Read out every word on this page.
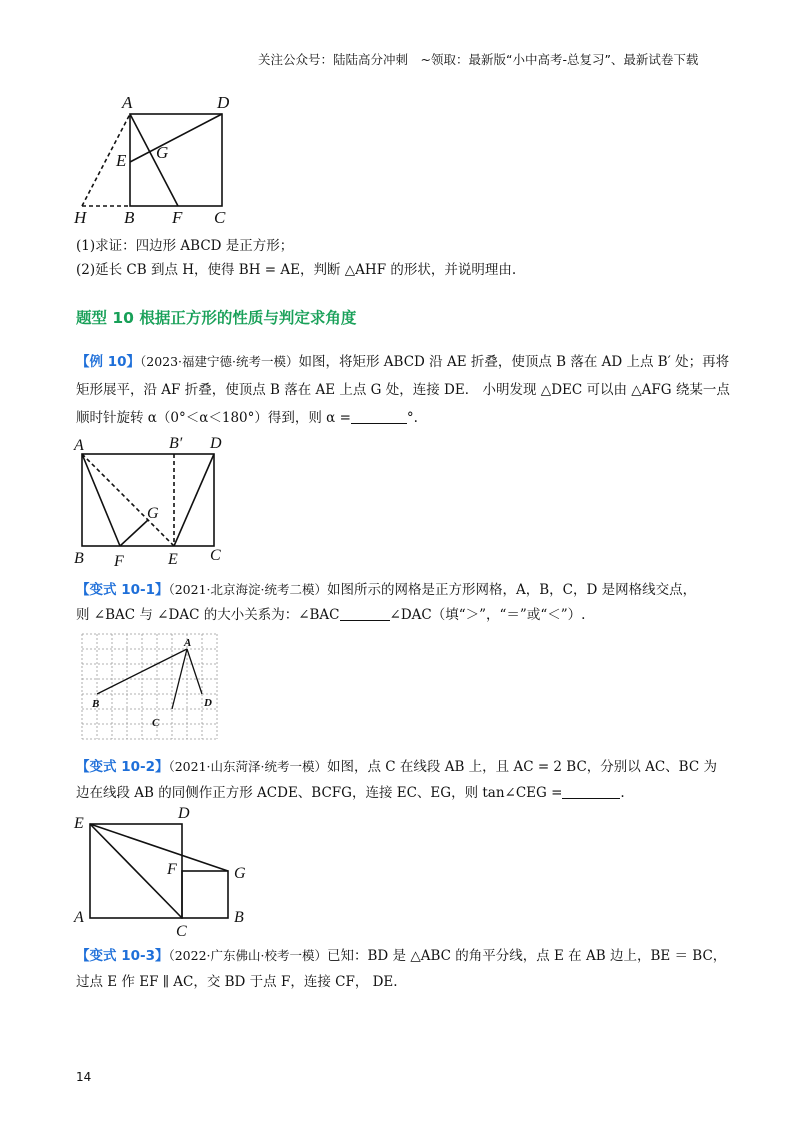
关注公众号：陆陆高分冲刺　~领取：最新版“小中高考-总复习”、最新试卷下载
A	D
E G
H B F C
(1)求证：四边形 ABCD 是正方形；
(2)延长 CB 到点 H，使得 BH = AE，判断 △AHF 的形状，并说明理由.
题型 10 根据正方形的性质与判定求角度
【例 10】（2023·福建宁德·统考一模）如图，将矩形 ABCD 沿 AE 折叠，使顶点 B 落在 AD 上点 B′ 处；再将
矩形展平，沿 AF 折叠，使顶点 B 落在 AE 上点 G 处，连接 DE． 小明发现 △DEC 可以由 △AFG 绕某一点
顺时针旋转 α（0°＜α＜180°）得到，则 α =	°.
A	B′ D
G
B F	E C
【变式 10-1】（2021·北京海淀·统考二模）如图所示的网格是正方形网格，A，B，C，D 是网格线交点，
则 ∠BAC 与 ∠DAC 的大小关系为：∠BAC	∠DAC（填“＞”，“＝”或“＜”）.
A
B
C
D
【变式 10-2】（2021·山东菏泽·统考一模）如图，点 C 在线段 AB 上，且 AC = 2 BC，分别以 AC、BC 为
边在线段 AB 的同侧作正方形 ACDE、BCFG，连接 EC、EG，则 tan∠CEG =	.
E
D
F	G
A
C
B
【变式 10-3】（2022·广东佛山·校考一模）已知：BD 是 △ABC 的角平分线，点 E 在 AB 边上，BE ＝ BC，
过点 E 作 EF ∥ AC，交 BD 于点 F，连接 CF， DE.
14
